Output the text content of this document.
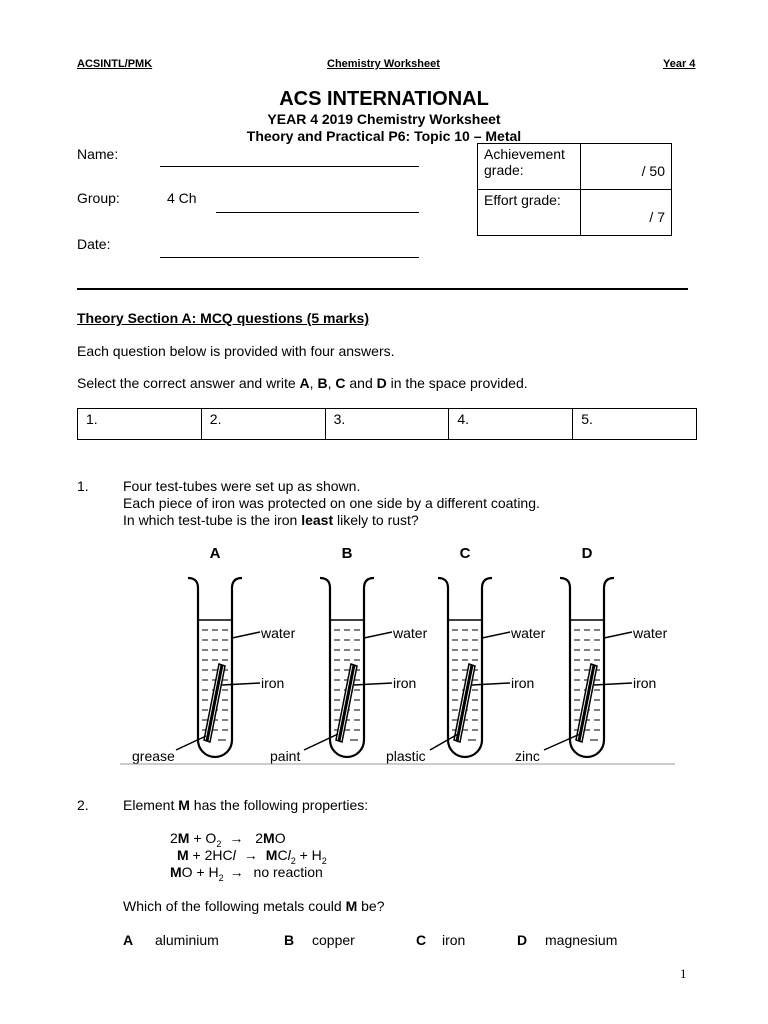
ACSINTL/PMK	Chemistry Worksheet	Year 4
ACS INTERNATIONAL
YEAR 4 2019 Chemistry Worksheet
Theory and Practical P6: Topic 10 – Metal
Name:
Group:	4 Ch
Date:
Achievement
grade:	/ 50
Effort grade:	/ 7
Theory Section A: MCQ questions (5 marks)
Each question below is provided with four answers.
Select the correct answer and write A, B, C and D in the space provided.
1.	2.	3.	4.	5.
1. Four test-tubes were set up as shown.
Each piece of iron was protected on one side by a different coating.
In which test-tube is the iron least likely to rust?
A
water
iron
grease
B
water
iron
paint
C
water
iron
plastic
D
water
iron
zinc
2. Element M has the following properties:
$2M + O_2 \to 2MO$
$M + 2HCl \to MCl_2 + H_2$
MO + $H_2$ → no reaction
Which of the following metals could M be?
A aluminium	B copper	C iron	D magnesium
1
